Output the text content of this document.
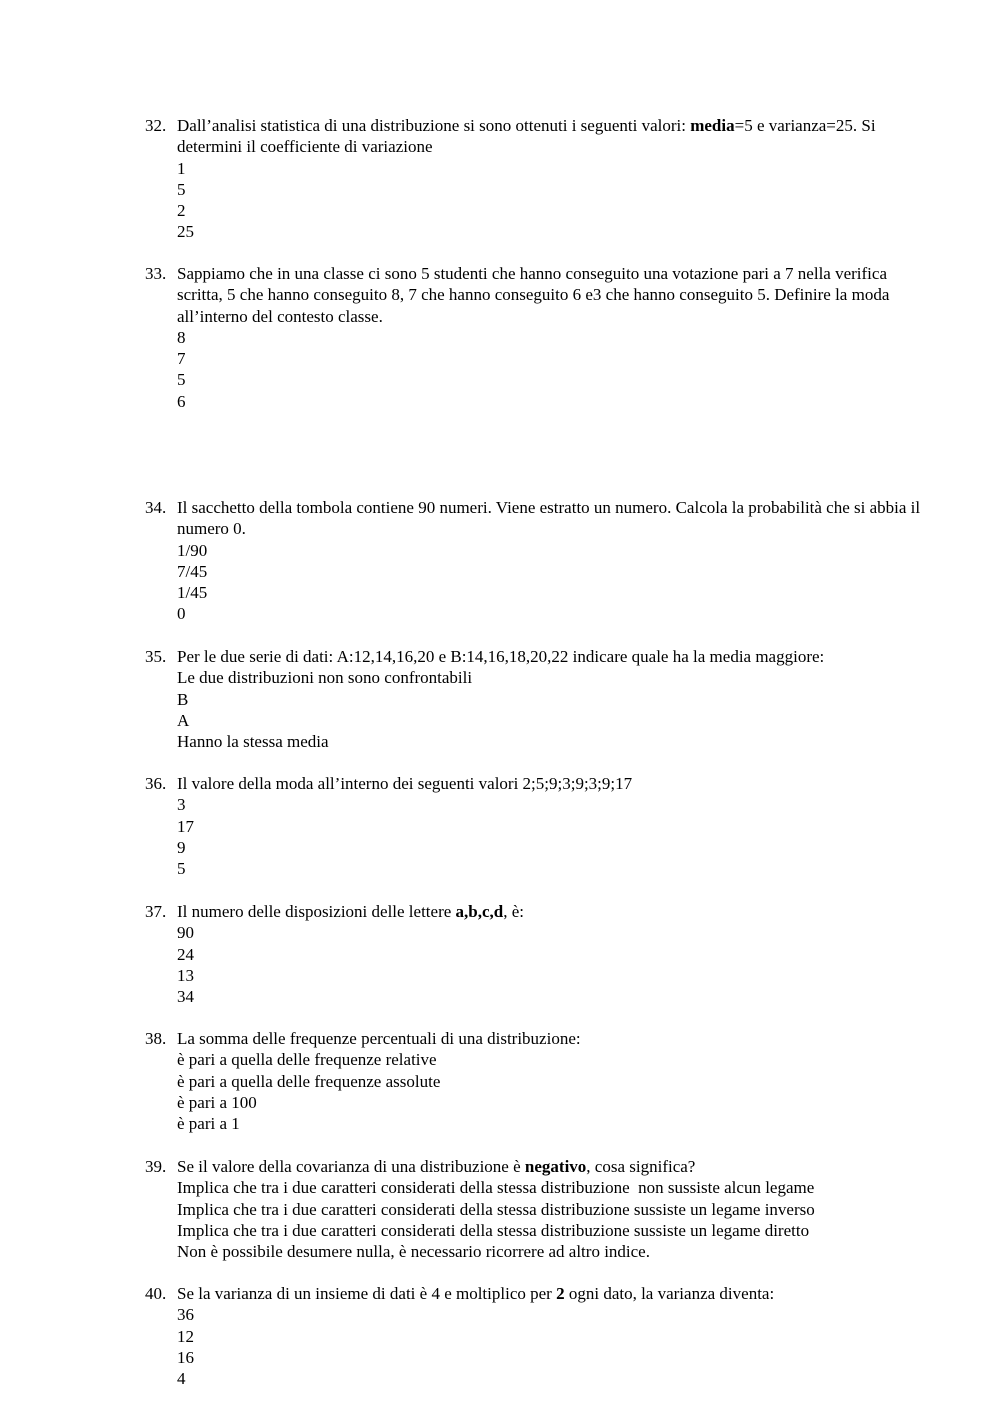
32. Dall’analisi statistica di una distribuzione si sono ottenuti i seguenti valori: media=5 e varianza=25. Si determini il coefficiente di variazione
1
5
2
25
33. Sappiamo che in una classe ci sono 5 studenti che hanno conseguito una votazione pari a 7 nella verifica scritta, 5 che hanno conseguito 8, 7 che hanno conseguito 6 e3 che hanno conseguito 5. Definire la moda all’interno del contesto classe.
8
7
5
6
34. Il sacchetto della tombola contiene 90 numeri. Viene estratto un numero. Calcola la probabilità che si abbia il numero 0.
1/90
7/45
1/45
0
35. Per le due serie di dati: A:12,14,16,20 e B:14,16,18,20,22 indicare quale ha la media maggiore:
Le due distribuzioni non sono confrontabili
B
A
Hanno la stessa media
36. Il valore della moda all’interno dei seguenti valori 2;5;9;3;9;3;9;17
3
17
9
5
37. Il numero delle disposizioni delle lettere a,b,c,d, è:
90
24
13
34
38. La somma delle frequenze percentuali di una distribuzione:
è pari a quella delle frequenze relative
è pari a quella delle frequenze assolute
è pari a 100
è pari a 1
39. Se il valore della covarianza di una distribuzione è negativo, cosa significa?
Implica che tra i due caratteri considerati della stessa distribuzione  non sussiste alcun legame
Implica che tra i due caratteri considerati della stessa distribuzione sussiste un legame inverso
Implica che tra i due caratteri considerati della stessa distribuzione sussiste un legame diretto
Non è possibile desumere nulla, è necessario ricorrere ad altro indice.
40. Se la varianza di un insieme di dati è 4 e moltiplico per 2 ogni dato, la varianza diventa:
36
12
16
4
